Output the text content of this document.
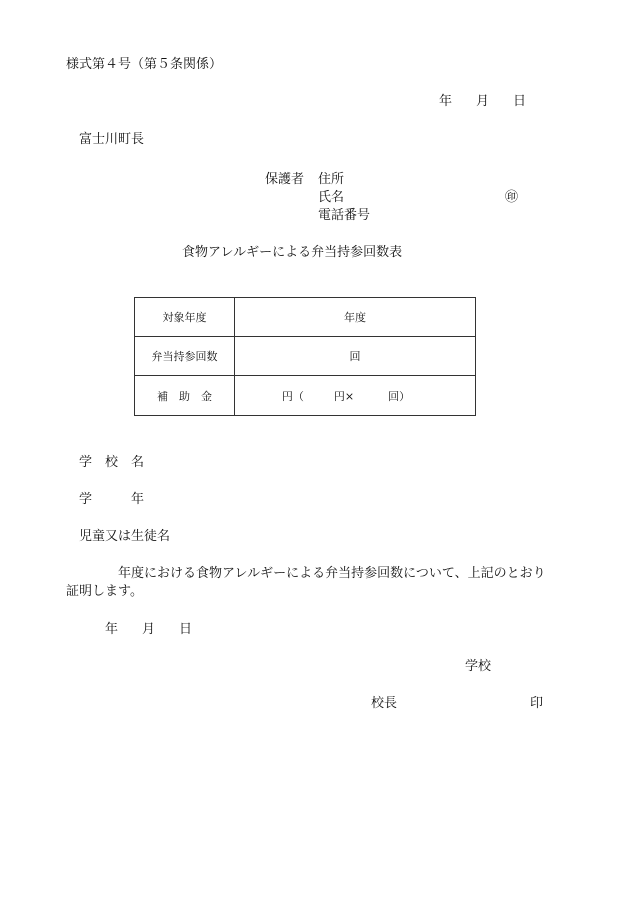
様式第４号（第５条関係）
年 月 日
富士川町長
保護者 住所
氏名	㊞
電話番号
食物アレルギーによる弁当持参回数表
対象年度	年度
弁当持参回数	回
補　助　金	円（ 円× 回）
学　校　名
学　　　年
児童又は生徒名
年度における食物アレルギーによる弁当持参回数について、上記のとおり
証明します。
年 月 日
学校
校長	印
